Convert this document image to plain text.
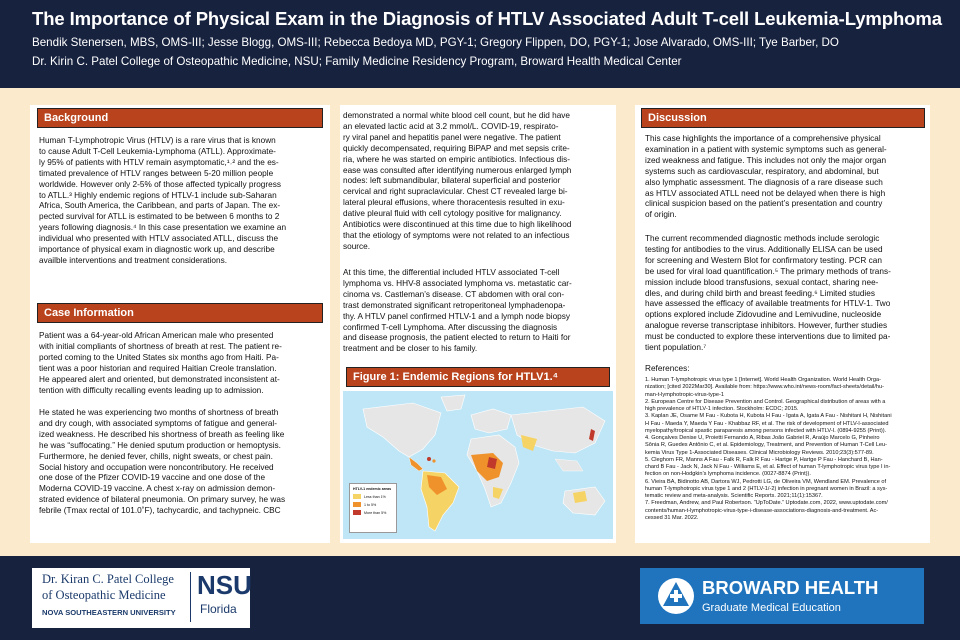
The Importance of Physical Exam in the Diagnosis of HTLV Associated Adult T-cell Leukemia-Lymphoma
Bendik Stenersen, MBS, OMS-III; Jesse Blogg, OMS-III; Rebecca Bedoya MD, PGY-1; Gregory Flippen, DO, PGY-1; Jose Alvarado, OMS-III; Tye Barber, DO
Dr. Kirin C. Patel College of Osteopathic Medicine, NSU; Family Medicine Residency Program, Broward Health Medical Center
Background
Human T-Lymphotropic Virus (HTLV) is a rare virus that is known
to cause Adult T-Cell Leukemia-Lymphoma (ATLL). Approximate-
ly 95% of patients with HTLV remain asymptomatic,¹˒² and the es-
timated prevalence of HTLV ranges between 5-20 million people
worldwide. However only 2-5% of those affected typically progress
to ATLL.³ Highly endemic regions of HTLV-1 include sub-Saharan
Africa, South America, the Caribbean, and parts of Japan. The ex-
pected survival for ATLL is estimated to be between 6 months to 2
years following diagnosis.⁴ In this case presentation we examine an
individual who presented with HTLV associated ATLL, discuss the
importance of physical exam in diagnostic work up, and describe
availble interventions and treatment considerations.
Case Information
Patient was a 64-year-old African American male who presented
with initial compliants of shortness of breath at rest. The patient re-
ported coming to the United States six months ago from Haiti. Pa-
tient was a poor historian and required Haitian Creole translation.
He appeared alert and oriented, but demonstrated inconsistent at-
tention with difficulty recalling events leading up to admission.
He stated he was experiencing two months of shortness of breath
and dry cough, with associated symptoms of fatigue and general-
ized weakness. He described his shortness of breath as feeling like
he was “suffocating.” He denied sputum production or hemoptysis.
Furthermore, he denied fever, chills, night sweats, or chest pain.
Social history and occupation were noncontributory. He received
one dose of the Pfizer COVID-19 vaccine and one dose of the
Moderna COVID-19 vaccine. A chest x-ray on admission demon-
strated evidence of bilateral pneumonia. On primary survey, he was
febrile (Tmax rectal of 101.0˚F), tachycardic, and tachypneic. CBC
demonstrated a normal white blood cell count, but he did have
an elevated lactic acid at 3.2 mmol/L. COVID-19, respirato-
ry viral panel and hepatitis panel were negative. The patient
quickly decompensated, requiring BiPAP and met sepsis crite-
ria, where he was started on empiric antibiotics. Infectious dis-
ease was consulted after identifying numerous enlarged lymph
nodes: left submandibular, bilateral superficial and posterior
cervical and right supraclavicular. Chest CT revealed large bi-
lateral pleural effusions, where thoracentesis resulted in exu-
dative pleural fluid with cell cytology positive for malignancy.
Antibiotics were discontinued at this time due to high likelihood
that the etiology of symptoms were not related to an infectious
source.
At this time, the differential included HTLV associated T-cell
lymphoma vs. HHV-8 associated lymphoma vs. metastatic car-
cinoma vs. Castleman’s disease. CT abdomen with oral con-
trast demonstrated significant retroperitoneal lymphadenopa-
thy. A HTLV panel confirmed HTLV-1 and a lymph node biopsy
confirmed T-cell Lymphoma. After discussing the diagnosis
and disease prognosis, the patient elected to return to Haiti for
treatment and be closer to his family.
Figure 1: Endemic Regions for HTLV1.⁴
HTLV-1 endemic areas
Less than 1%
1 to 5%
More than 5%
Discussion
This case highlights the importance of a comprehensive physical
examination in a patient with systemic symptoms such as general-
ized weakness and fatigue. This includes not only the major organ
systems such as cardiovascular, respiratory, and abdominal, but
also lymphatic assessment. The diagnosis of a rare disease such
as HTLV associated ATLL need not be delayed when there is high
clinical suspicion based on the patient’s presentation and country
of origin.
The current recommended diagnostic methods include serologic
testing for antibodies to the virus. Additionally ELISA can be used
for screening and Western Blot for confirmatory testing. PCR can
be used for viral load quantification.⁵ The primary methods of trans-
mission include blood transfusions, sexual contact, sharing nee-
dles, and during child birth and breast feeding.⁶ Limited studies
have assessed the efficacy of available treatments for HTLV-1. Two
options explored include Zidovudine and Lemivudine, nucleoside
analogue reverse transcriptase inhibitors. However, further studies
must be conducted to explore these interventions due to limited pa-
tient population.⁷
References:
1. Human T-lymphotropic virus type 1 [Internet]. World Health Organization. World Health Orga-
nization; [cited 2022Mar30]. Available from: https://www.who.int/news-room/fact-sheets/detail/hu-
man-t-lymphotropic-virus-type-1
2. European Centre for Disease Prevention and Control. Geographical distribution of areas with a
high prevalence of HTLV-1 infection. Stockholm: ECDC; 2015.
3. Kaplan JE, Osame M Fau - Kubota H, Kubota H Fau - Igata A, Igata A Fau - Nishitani H, Nishitani
H Fau - Maeda Y, Maeda Y Fau - Khabbaz RF, et al. The risk of development of HTLV-I-associated
myelopathy/tropical spastic paraparesis among persons infected with HTLV-I. (0894-9255 (Print)).
4. Gonçalves Denise U, Proietti Fernando A, Ribas João Gabriel R, Araújo Marcelo G, Pinheiro
Sônia R, Guedes Antônio C, et al. Epidemiology, Treatment, and Prevention of Human T-Cell Leu-
kemia Virus Type 1-Associated Diseases. Clinical Microbiology Reviews. 2010;23(3):577-89.
5. Cleghorn FR, Manns A Fau - Falk R, Falk R Fau - Hartge P, Hartge P Fau - Hanchard B, Han-
chard B Fau - Jack N, Jack N Fau - Williams E, et al. Effect of human T-lymphotropic virus type I in-
fection on non-Hodgkin’s lymphoma incidence. (0027-8874 (Print)).
6. Vieira BA, Bidinotto AB, Dartora WJ, Pedrotti LG, de Oliveira VM, Wendland EM. Prevalence of
human T-lymphotropic virus type 1 and 2 (HTLV-1/-2) infection in pregnant women in Brazil: a sys-
tematic review and meta-analysis. Scientific Reports. 2021;11(1):15367.
7. Freedman, Andrew, and Paul Robertson. “UpToDate.” Uptodate.com, 2022, www.uptodate.com/
contents/human-t-lymphotropic-virus-type-i-disease-associations-diagnosis-and-treatment. Ac-
cessed 31 Mar. 2022.
Dr. Kiran C. Patel College
of Osteopathic Medicine
NOVA SOUTHEASTERN UNIVERSITY
NSU
Florida
BROWARD HEALTH
Graduate Medical Education
